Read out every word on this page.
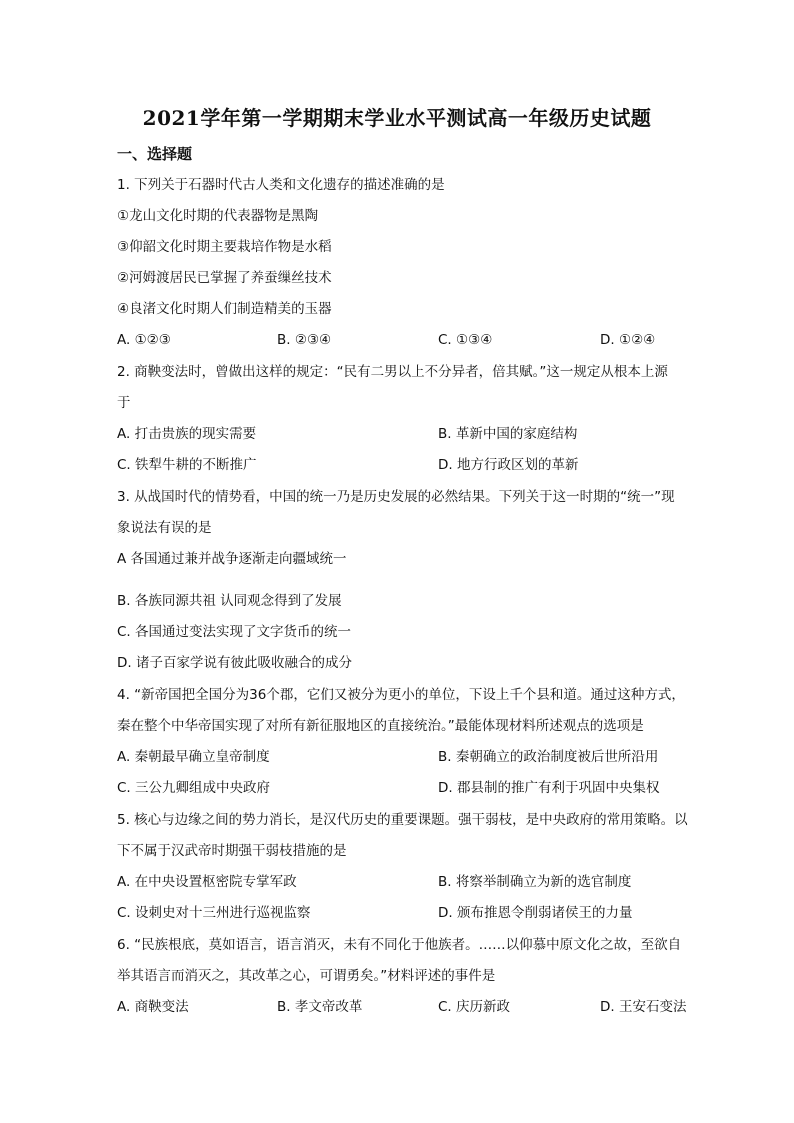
2021学年第一学期期末学业水平测试高一年级历史试题
一、选择题
1. 下列关于石器时代古人类和文化遗存的描述准确的是
①龙山文化时期的代表器物是黑陶
③仰韶文化时期主要栽培作物是水稻
②河姆渡居民已掌握了养蚕缫丝技术
④良渚文化时期人们制造精美的玉器
A. ①②③	B. ②③④	C. ①③④	D. ①②④
2. 商鞅变法时，曾做出这样的规定：“民有二男以上不分异者，倍其赋。”这一规定从根本上源
于
A. 打击贵族的现实需要	B. 革新中国的家庭结构
C. 铁犁牛耕的不断推广	D. 地方行政区划的革新
3. 从战国时代的情势看，中国的统一乃是历史发展的必然结果。下列关于这一时期的“统一”现
象说法有误的是
A 各国通过兼并战争逐渐走向疆域统一
B. 各族同源共祖 认同观念得到了发展
C. 各国通过变法实现了文字货币的统一
D. 诸子百家学说有彼此吸收融合的成分
4. “新帝国把全国分为36个郡，它们又被分为更小的单位，下设上千个县和道。通过这种方式，
秦在整个中华帝国实现了对所有新征服地区的直接统治。”最能体现材料所述观点的选项是
A. 秦朝最早确立皇帝制度	B. 秦朝确立的政治制度被后世所沿用
C. 三公九卿组成中央政府	D. 郡县制的推广有利于巩固中央集权
5. 核心与边缘之间的势力消长，是汉代历史的重要课题。强干弱枝，是中央政府的常用策略。以
下不属于汉武帝时期强干弱枝措施的是
A. 在中央设置枢密院专掌军政	B. 将察举制确立为新的选官制度
C. 设刺史对十三州进行巡视监察	D. 颁布推恩令削弱诸侯王的力量
6. “民族根底，莫如语言，语言消灭，未有不同化于他族者。……以仰慕中原文化之故，至欲自
举其语言而消灭之，其改革之心，可谓勇矣。”材料评述的事件是
A. 商鞅变法	B. 孝文帝改革	C. 庆历新政	D. 王安石变法
